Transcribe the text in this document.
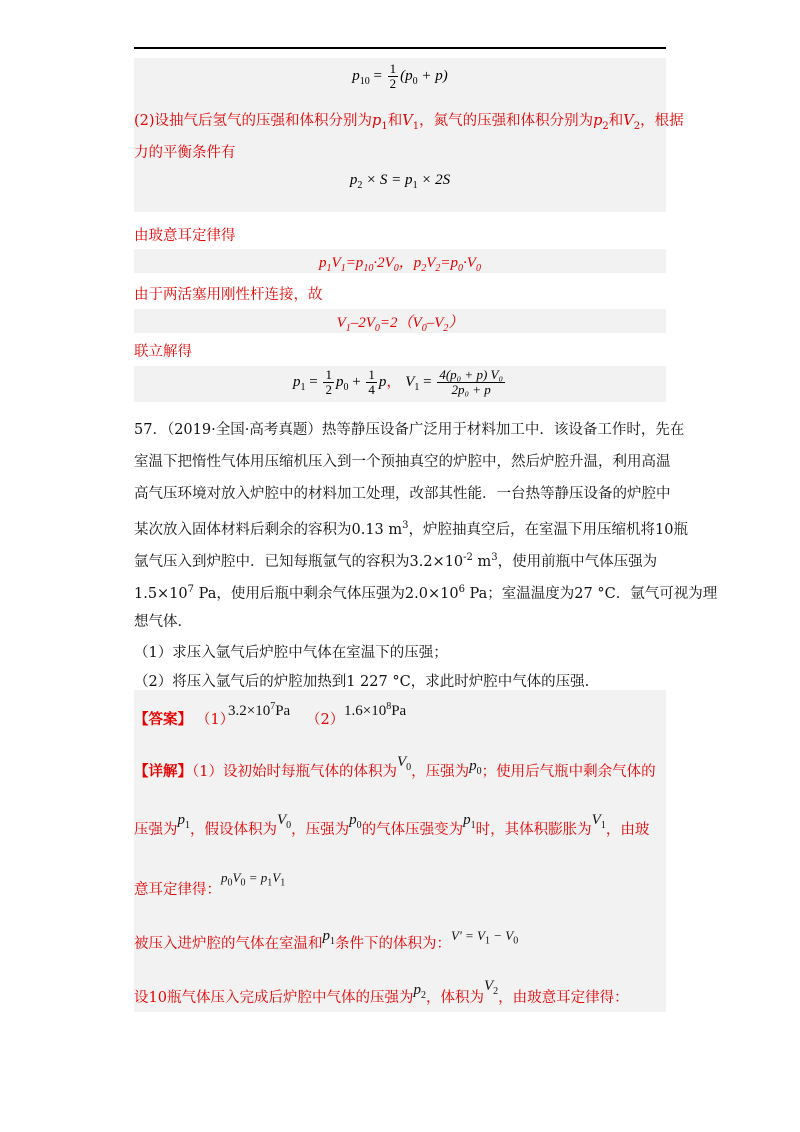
$p_{10} = \frac{1}{2} (p_0 + p)$
(2)设抽气后氢气的压强和体积分别为$p_1$和$V_1$，氮气的压强和体积分别为$p_2$和$V_2$，根据
力的平衡条件有
$p_2 \times S = p_1 \times 2S$
由玻意耳定律得
$p_1V_1=p_{10}\cdot 2V_0$，$p_2V_2=p_0\cdot V_0$
由于两活塞用刚性杆连接，故
$V_1-2V_0=2(V_0-V_2)$
联立解得
$p_1 = \frac{1}{2} p_0 + \frac{1}{4}$ p， $V_1 = \frac{\text{4(p₀ + p) V₀}}{\text{2p₀ + p}}$
57．（2019·全国·高考真题）热等静压设备广泛用于材料加工中．该设备工作时，先在
室温下把惰性气体用压缩机压入到一个预抽真空的炉腔中，然后炉腔升温，利用高温
高气压环境对放入炉腔中的材料加工处理，改部其性能．一台热等静压设备的炉腔中
某次放入固体材料后剩余的容积为0.13 $m^3$，炉腔抽真空后，在室温下用压缩机将10瓶
氩气压入到炉腔中．已知每瓶氩气的容积为$3.2\times 10^{-2}$ $m^3$，使用前瓶中气体压强为
$1.5\times 10^7$ Pa，使用后瓶中剩余气体压强为$2.0\times 10^6$ Pa；室温温度为27 °C．氩气可视为理
想气体．
（1）求压入氩气后炉腔中气体在室温下的压强；
（2）将压入氩气后的炉腔加热到1 227 °C，求此时炉腔中气体的压强.
【答案】 （1）
$3.2\times 10^7Pa$
（2）
$1.6\times 10^8Pa$
【详解】（1）设初始时每瓶气体的体积为$V_0$，压强为$p_0$；使用后气瓶中剩余气体的
压强为$p_1$，假设体积为$V_0$，压强为$p_0$的气体压强变为$p_1$时，其体积膨胀为$V_1$，由玻
意耳定律得：$p_0V_0 = p_1V_1$
被压入进炉腔的气体在室温和$p_1$条件下的体积为：$V' = V_1 - V_0$
设10瓶气体压入完成后炉腔中气体的压强为$p_2$，体积为$V_2$，由玻意耳定律得：
